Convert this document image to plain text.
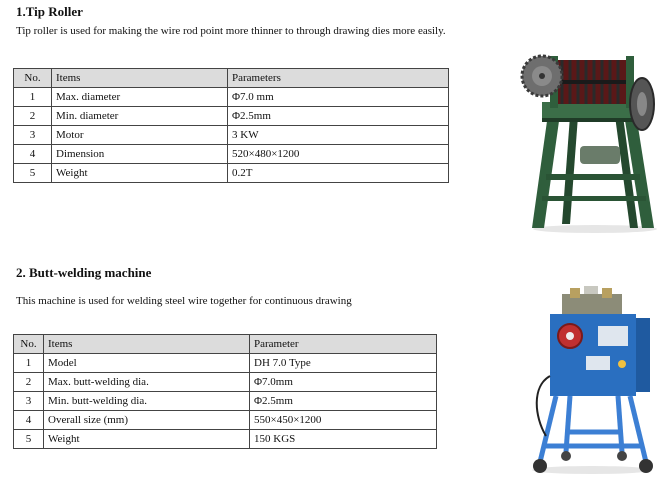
1.Tip Roller
Tip roller is used for making the wire rod point more thinner to through drawing dies more easily.
No.	Items	Parameters
1	Max. diameter	Φ7.0 mm
2	Min. diameter	Φ2.5mm
3	Motor	3 KW
4	Dimension	520×480×1200
5	Weight	0.2T
2. Butt-welding machine
This machine is used for welding steel wire together for continuous drawing
No.	Items	Parameter
1	Model	DH 7.0 Type
2	Max. butt-welding dia.	Φ7.0mm
3	Min. butt-welding dia.	Φ2.5mm
4	Overall size (mm)	550×450×1200
5	Weight	150 KGS
